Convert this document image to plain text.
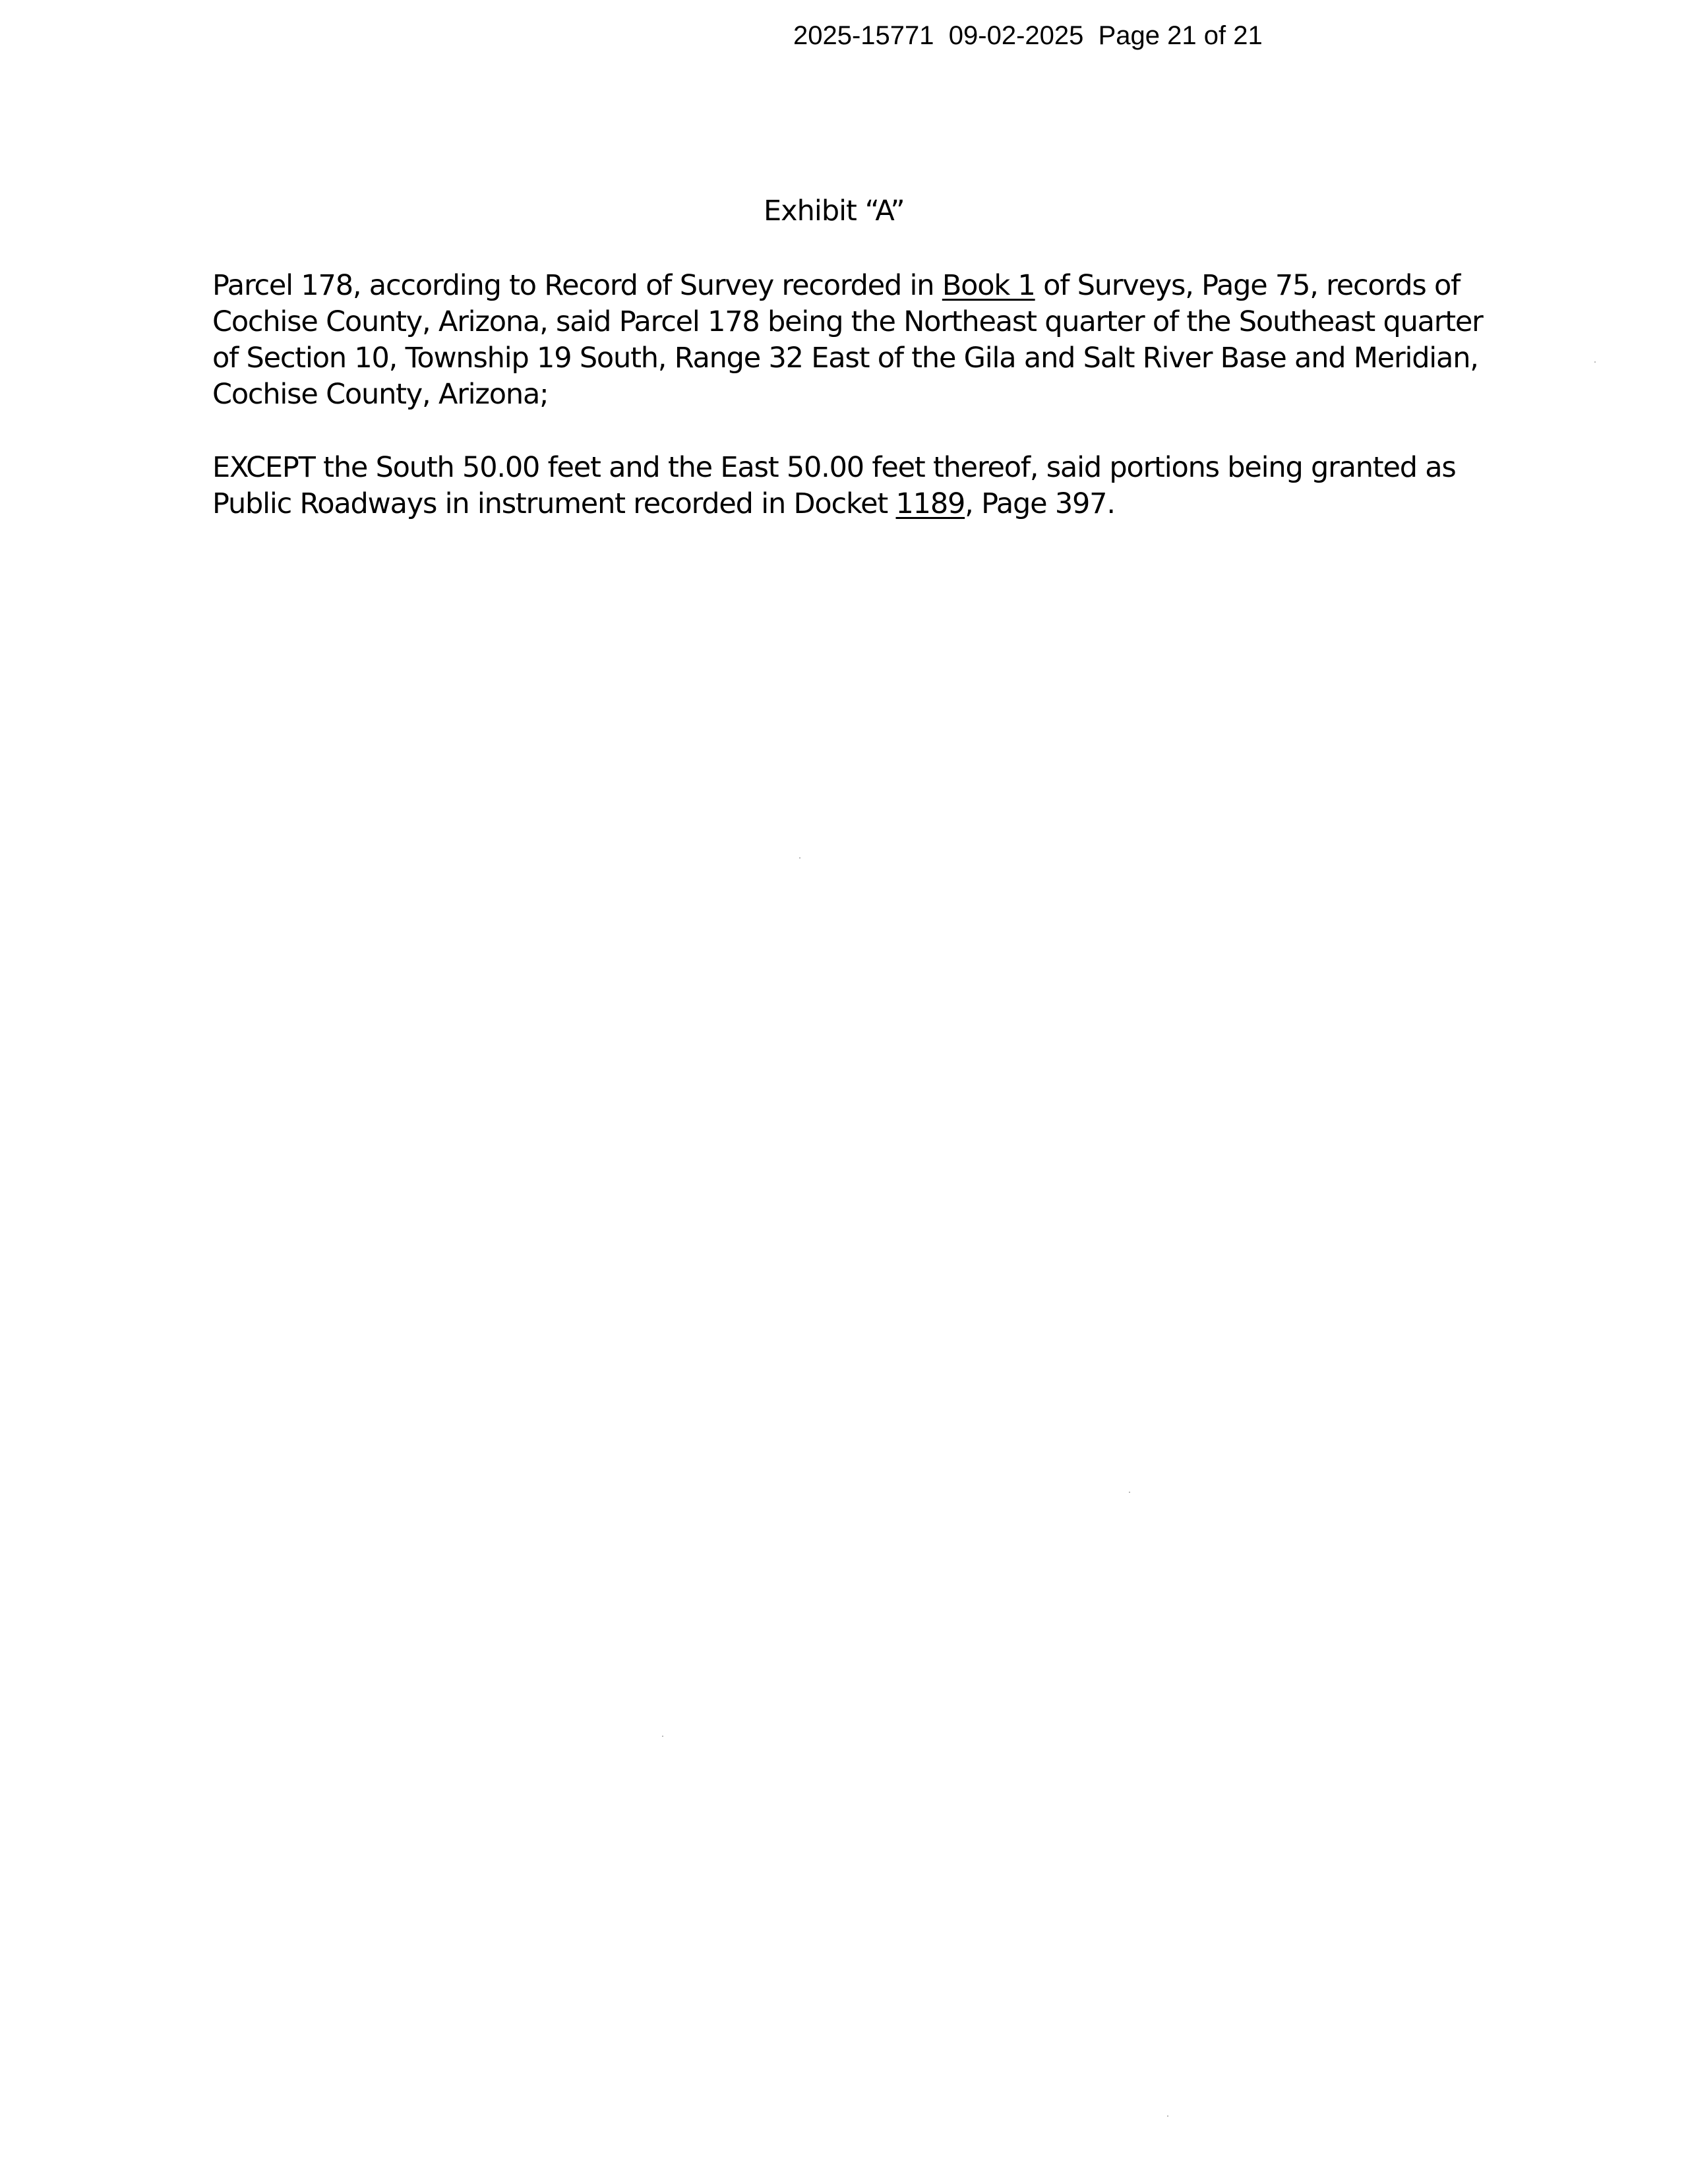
2025-15771  09-02-2025  Page 21 of 21
Exhibit “A”
Parcel 178, according to Record of Survey recorded in Book 1 of Surveys, Page 75, records of
Cochise County, Arizona, said Parcel 178 being the Northeast quarter of the Southeast quarter
of Section 10, Township 19 South, Range 32 East of the Gila and Salt River Base and Meridian,
Cochise County, Arizona;
EXCEPT the South 50.00 feet and the East 50.00 feet thereof, said portions being granted as
Public Roadways in instrument recorded in Docket 1189, Page 397.
